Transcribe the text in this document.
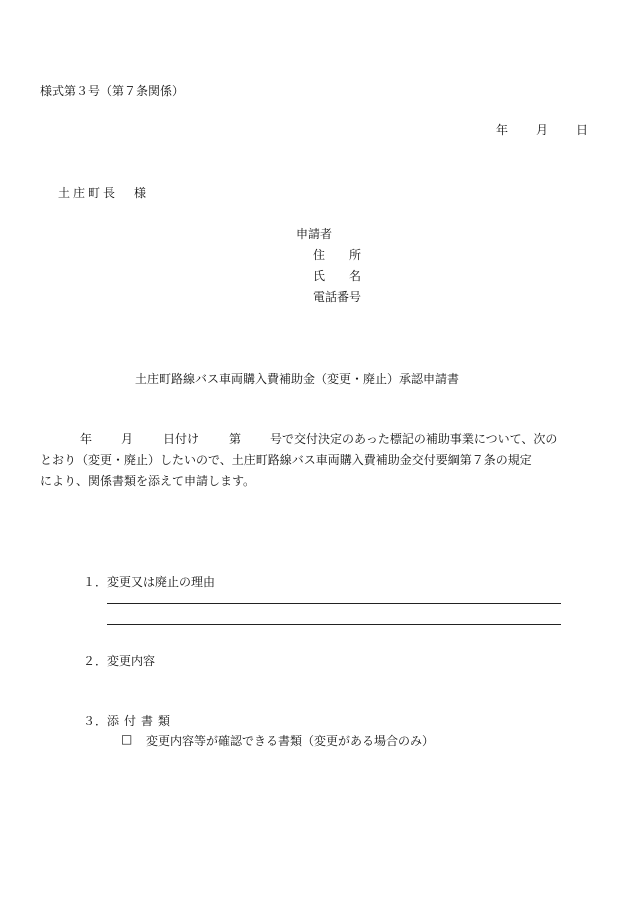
様式第３号（第７条関係）
年 月 日
土庄町長 様
申請者
住　　所
氏　　名
電話番号
土庄町路線バス車両購入費補助金（変更・廃止）承認申請書
年 月 日付け 第 号で交付決定のあった標記の補助事業について、次の
とおり（変更・廃止）したいので、土庄町路線バス車両購入費補助金交付要綱第７条の規定
により、関係書類を添えて申請します。
１． 変更又は廃止の理由
２． 変更内容
３． 添付書類
□ 変更内容等が確認できる書類（変更がある場合のみ）
